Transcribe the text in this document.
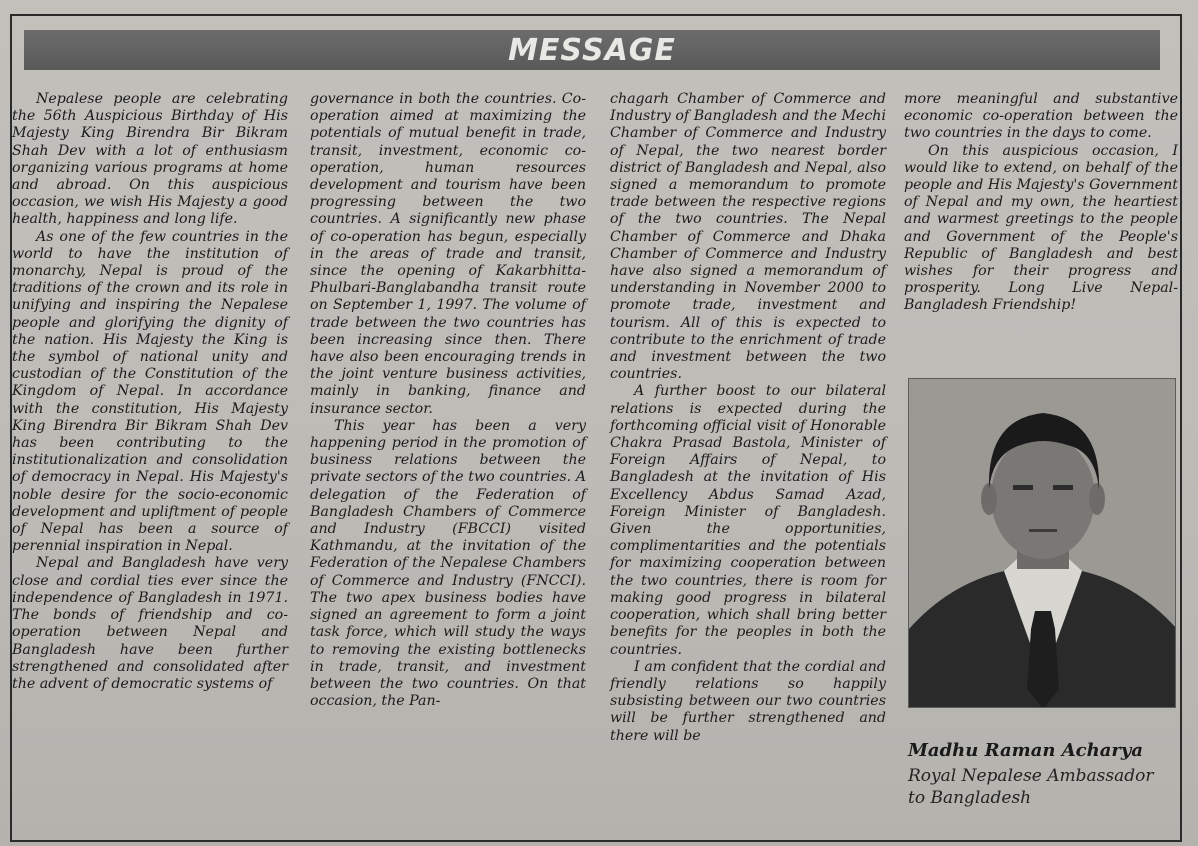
MESSAGE

Nepalese people are celebrating the 56th Auspicious Birthday of His Majesty King Birendra Bir Bikram Shah Dev with a lot of enthusiasm organizing various programs at home and abroad. On this auspicious occasion, we wish His Majesty a good health, happiness and long life.

As one of the few countries in the world to have the institution of monarchy, Nepal is proud of the traditions of the crown and its role in unifying and inspiring the Nepalese people and glorifying the dignity of the nation. His Majesty the King is the symbol of national unity and custodian of the Constitution of the Kingdom of Nepal. In accordance with the constitution, His Majesty King Birendra Bir Bikram Shah Dev has been contributing to the institutionalization and consolidation of democracy in Nepal. His Majesty's noble desire for the socio-economic development and upliftment of people of Nepal has been a source of perennial inspiration in Nepal.

Nepal and Bangladesh have very close and cordial ties ever since the independence of Bangladesh in 1971. The bonds of friendship and co-operation between Nepal and Bangladesh have been further strengthened and consolidated after the advent of democratic systems of

governance in both the countries. Co-operation aimed at maximizing the potentials of mutual benefit in trade, transit, investment, economic co-operation, human resources development and tourism have been progressing between the two countries. A significantly new phase of co-operation has begun, especially in the areas of trade and transit, since the opening of Kakarbhitta-Phulbari-Banglabandha transit route on September 1, 1997. The volume of trade between the two countries has been increasing since then. There have also been encouraging trends in the joint venture business activities, mainly in banking, finance and insurance sector.

This year has been a very happening period in the promotion of business relations between the private sectors of the two countries. A delegation of the Federation of Bangladesh Chambers of Commerce and Industry (FBCCI) visited Kathmandu, at the invitation of the Federation of the Nepalese Chambers of Commerce and Industry (FNCCI). The two apex business bodies have signed an agreement to form a joint task force, which will study the ways to removing the existing bottlenecks in trade, transit, and investment between the two countries. On that occasion, the Pan-

chagarh Chamber of Commerce and Industry of Bangladesh and the Mechi Chamber of Commerce and Industry of Nepal, the two nearest border district of Bangladesh and Nepal, also signed a memorandum to promote trade between the respective regions of the two countries. The Nepal Chamber of Commerce and Dhaka Chamber of Commerce and Industry have also signed a memorandum of understanding in November 2000 to promote trade, investment and tourism. All of this is expected to contribute to the enrichment of trade and investment between the two countries.

A further boost to our bilateral relations is expected during the forthcoming official visit of Honorable Chakra Prasad Bastola, Minister of Foreign Affairs of Nepal, to Bangladesh at the invitation of His Excellency Abdus Samad Azad, Foreign Minister of Bangladesh. Given the opportunities, complimentarities and the potentials for maximizing cooperation between the two countries, there is room for making good progress in bilateral cooperation, which shall bring better benefits for the peoples in both the countries.

I am confident that the cordial and friendly relations so happily subsisting between our two countries will be further strengthened and there will be

more meaningful and substantive economic co-operation between the two countries in the days to come.

On this auspicious occasion, I would like to extend, on behalf of the people and His Majesty's Government of Nepal and my own, the heartiest and warmest greetings to the people and Government of the People's Republic of Bangladesh and best wishes for their progress and prosperity. Long Live Nepal-Bangladesh Friendship!

Madhu Raman Acharya
Royal Nepalese Ambassador
to Bangladesh
